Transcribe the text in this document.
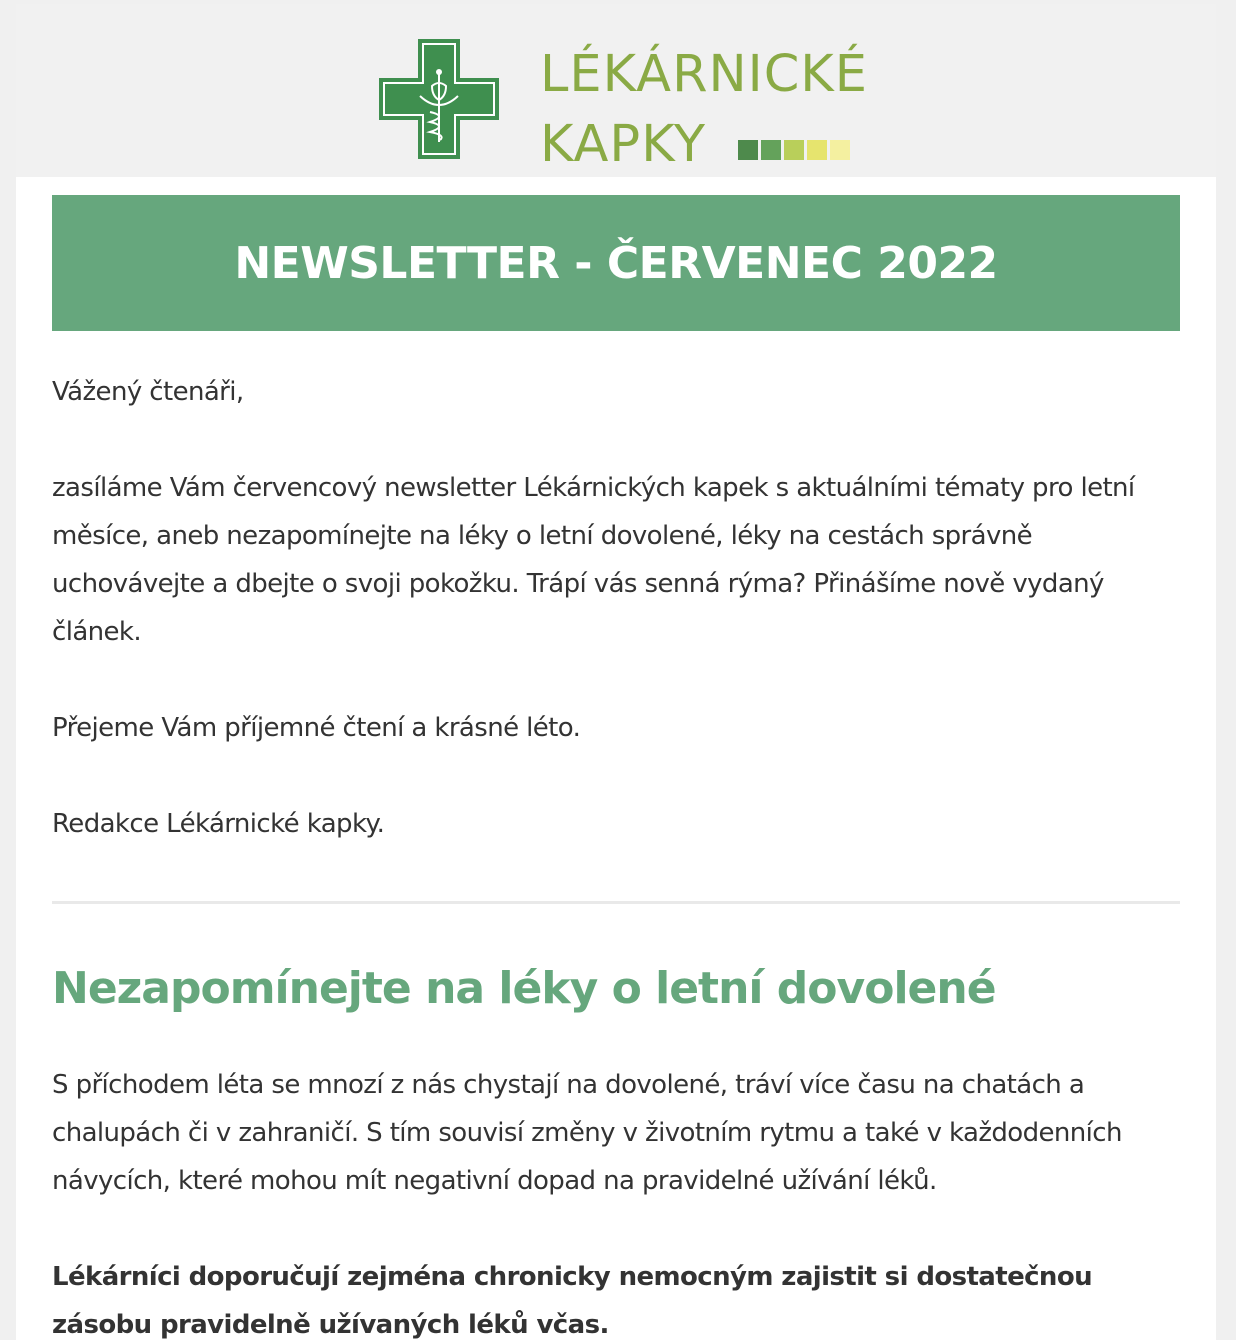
LÉKÁRNICKÉ
KAPKY
NEWSLETTER - ČERVENEC 2022
Vážený čtenáři,
zasíláme Vám červencový newsletter Lékárnických kapek s aktuálními tématy pro letní měsíce, aneb nezapomínejte na léky o letní dovolené, léky na cestách správně uchovávejte a dbejte o svoji pokožku. Trápí vás senná rýma? Přinášíme nově vydaný článek.
Přejeme Vám příjemné čtení a krásné léto.
Redakce Lékárnické kapky.
Nezapomínejte na léky o letní dovolené
S příchodem léta se mnozí z nás chystají na dovolené, tráví více času na chatách a chalupách či v zahraničí. S tím souvisí změny v životním rytmu a také v každodenních návycích, které mohou mít negativní dopad na pravidelné užívání léků.
Lékárníci doporučují zejména chronicky nemocným zajistit si dostatečnou zásobu pravidelně užívaných léků včas.
